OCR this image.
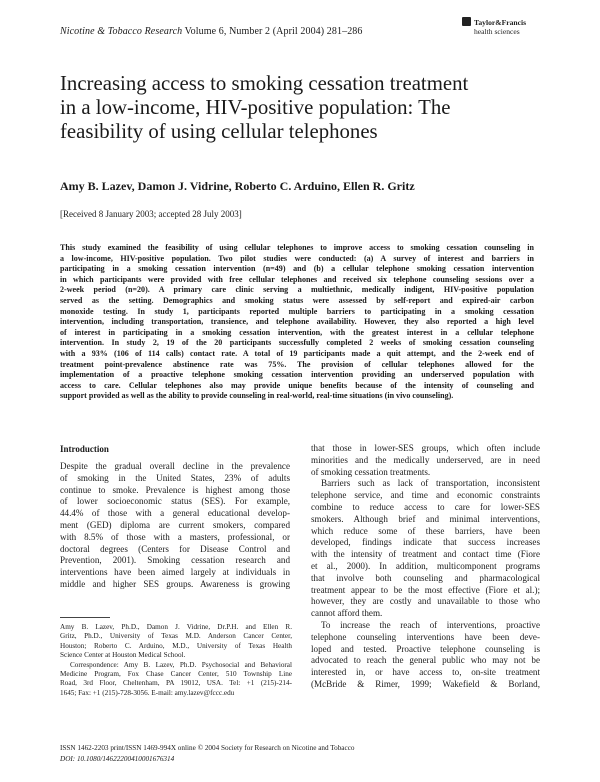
Nicotine & Tobacco Research Volume 6, Number 2 (April 2004) 281–286
Taylor&Francis
health sciences
Increasing access to smoking cessation treatment
in a low-income, HIV-positive population: The
feasibility of using cellular telephones
Amy B. Lazev, Damon J. Vidrine, Roberto C. Arduino, Ellen R. Gritz
[Received 8 January 2003; accepted 28 July 2003]
This study examined the feasibility of using cellular telephones to improve access to smoking cessation counseling in
a low-income, HIV-positive population. Two pilot studies were conducted: (a) A survey of interest and barriers in
participating in a smoking cessation intervention (n=49) and (b) a cellular telephone smoking cessation intervention
in which participants were provided with free cellular telephones and received six telephone counseling sessions over a
2-week period (n=20). A primary care clinic serving a multiethnic, medically indigent, HIV-positive population
served as the setting. Demographics and smoking status were assessed by self-report and expired-air carbon
monoxide testing. In study 1, participants reported multiple barriers to participating in a smoking cessation
intervention, including transportation, transience, and telephone availability. However, they also reported a high level
of interest in participating in a smoking cessation intervention, with the greatest interest in a cellular telephone
intervention. In study 2, 19 of the 20 participants successfully completed 2 weeks of smoking cessation counseling
with a 93% (106 of 114 calls) contact rate. A total of 19 participants made a quit attempt, and the 2-week end of
treatment point-prevalence abstinence rate was 75%. The provision of cellular telephones allowed for the
implementation of a proactive telephone smoking cessation intervention providing an underserved population with
access to care. Cellular telephones also may provide unique benefits because of the intensity of counseling and
support provided as well as the ability to provide counseling in real-world, real-time situations (in vivo counseling).
Introduction
Despite the gradual overall decline in the prevalence
of smoking in the United States, 23% of adults
continue to smoke. Prevalence is highest among those
of lower socioeconomic status (SES). For example,
44.4% of those with a general educational develop-
ment (GED) diploma are current smokers, compared
with 8.5% of those with a masters, professional, or
doctoral degrees (Centers for Disease Control and
Prevention, 2001). Smoking cessation research and
interventions have been aimed largely at individuals in
middle and higher SES groups. Awareness is growing
that those in lower-SES groups, which often include
minorities and the medically underserved, are in need
of smoking cessation treatments.
Barriers such as lack of transportation, inconsistent
telephone service, and time and economic constraints
combine to reduce access to care for lower-SES
smokers. Although brief and minimal interventions,
which reduce some of these barriers, have been
developed, findings indicate that success increases
with the intensity of treatment and contact time (Fiore
et al., 2000). In addition, multicomponent programs
that involve both counseling and pharmacological
treatment appear to be the most effective (Fiore et al.);
however, they are costly and unavailable to those who
cannot afford them.
To increase the reach of interventions, proactive
telephone counseling interventions have been deve-
loped and tested. Proactive telephone counseling is
advocated to reach the general public who may not be
interested in, or have access to, on-site treatment
(McBride & Rimer, 1999; Wakefield & Borland,
Amy B. Lazev, Ph.D., Damon J. Vidrine, Dr.P.H. and Ellen R.
Gritz, Ph.D., University of Texas M.D. Anderson Cancer Center,
Houston; Roberto C. Arduino, M.D., University of Texas Health
Science Center at Houston Medical School.
Correspondence: Amy B. Lazev, Ph.D. Psychosocial and Behavioral
Medicine Program, Fox Chase Cancer Center, 510 Township Line
Road, 3rd Floor, Cheltenham, PA 19012, USA. Tel: +1 (215)-214-
1645; Fax: +1 (215)-728-3056. E-mail: amy.lazev@fccc.edu
ISSN 1462-2203 print/ISSN 1469-994X online © 2004 Society for Research on Nicotine and Tobacco
DOI: 10.1080/14622200410001676314
